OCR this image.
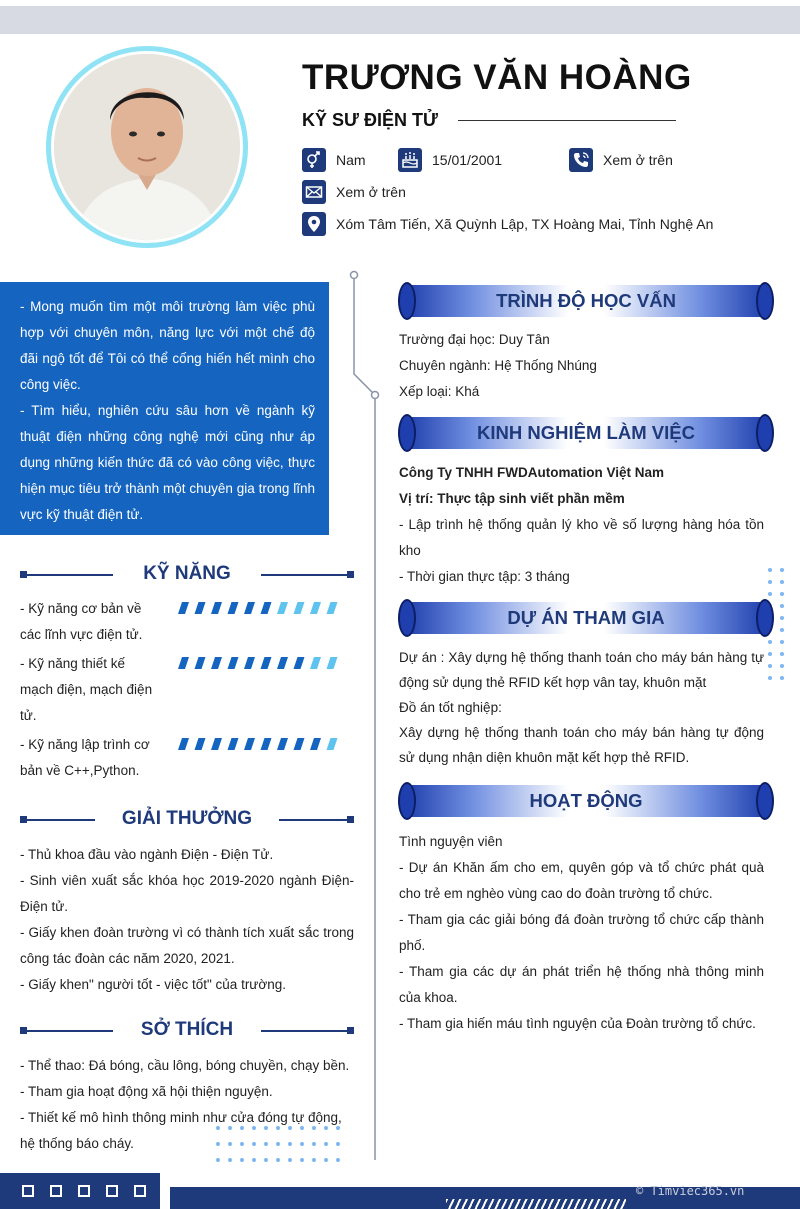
TRƯƠNG VĂN HOÀNG
KỸ SƯ ĐIỆN TỬ
Nam	15/01/2001	Xem ở trên
Xem ở trên
Xóm Tâm Tiến, Xã Quỳnh Lập, TX Hoàng Mai, Tỉnh Nghệ An

- Mong muốn tìm một môi trường làm việc phù hợp với chuyên môn, năng lực với một chế độ đãi ngộ tốt để Tôi có thể cống hiến hết mình cho công việc.

- Tìm hiểu, nghiên cứu sâu hơn về ngành kỹ thuật điện những công nghệ mới cũng như áp dụng những kiến thức đã có vào công việc, thực hiện mục tiêu trở thành một chuyên gia trong lĩnh vực kỹ thuật điện tử.

KỸ NĂNG
- Kỹ năng cơ bản về các lĩnh vực điện tử.
- Kỹ năng thiết kế mạch điện, mạch điện tử.
- Kỹ năng lập trình cơ bản về C++,Python.
GIẢI THƯỞNG

- Thủ khoa đầu vào ngành Điện - Điện Tử.

- Sinh viên xuất sắc khóa học 2019-2020 ngành Điện- Điện tử.

- Giấy khen đoàn trường vì có thành tích xuất sắc trong công tác đoàn các năm 2020, 2021.

- Giấy khen" người tốt - việc tốt" của trường.

SỞ THÍCH

- Thể thao: Đá bóng, cầu lông, bóng chuyền, chạy bền.

- Tham gia hoạt động xã hội thiện nguyện.

- Thiết kế mô hình thông minh như cửa đóng tự động, hệ thống báo cháy.

TRÌNH ĐỘ HỌC VẤN

Trường đại học: Duy Tân

Chuyên ngành: Hệ Thống Nhúng

Xếp loại: Khá

KINH NGHIỆM LÀM VIỆC

Công Ty TNHH FWDAutomation Việt Nam

Vị trí: Thực tập sinh viết phần mềm

- Lập trình hệ thống quản lý kho về số lượng hàng hóa tồn kho

- Thời gian thực tập: 3 tháng

DỰ ÁN THAM GIA

Dự án : Xây dựng hệ thống thanh toán cho máy bán hàng tự động sử dụng thẻ RFID kết hợp vân tay, khuôn mặt

Đồ án tốt nghiệp:

Xây dựng hệ thống thanh toán cho máy bán hàng tự động sử dụng nhận diện khuôn mặt kết hợp thẻ RFID.

HOẠT ĐỘNG

Tình nguyện viên

- Dự án Khăn ấm cho em, quyên góp và tổ chức phát quà cho trẻ em nghèo vùng cao do đoàn trường tổ chức.

- Tham gia các giải bóng đá đoàn trường tổ chức cấp thành phố.

- Tham gia các dự án phát triển hệ thống nhà thông minh của khoa.

- Tham gia hiến máu tình nguyện của Đoàn trường tổ chức.

© Timviec365.vn
